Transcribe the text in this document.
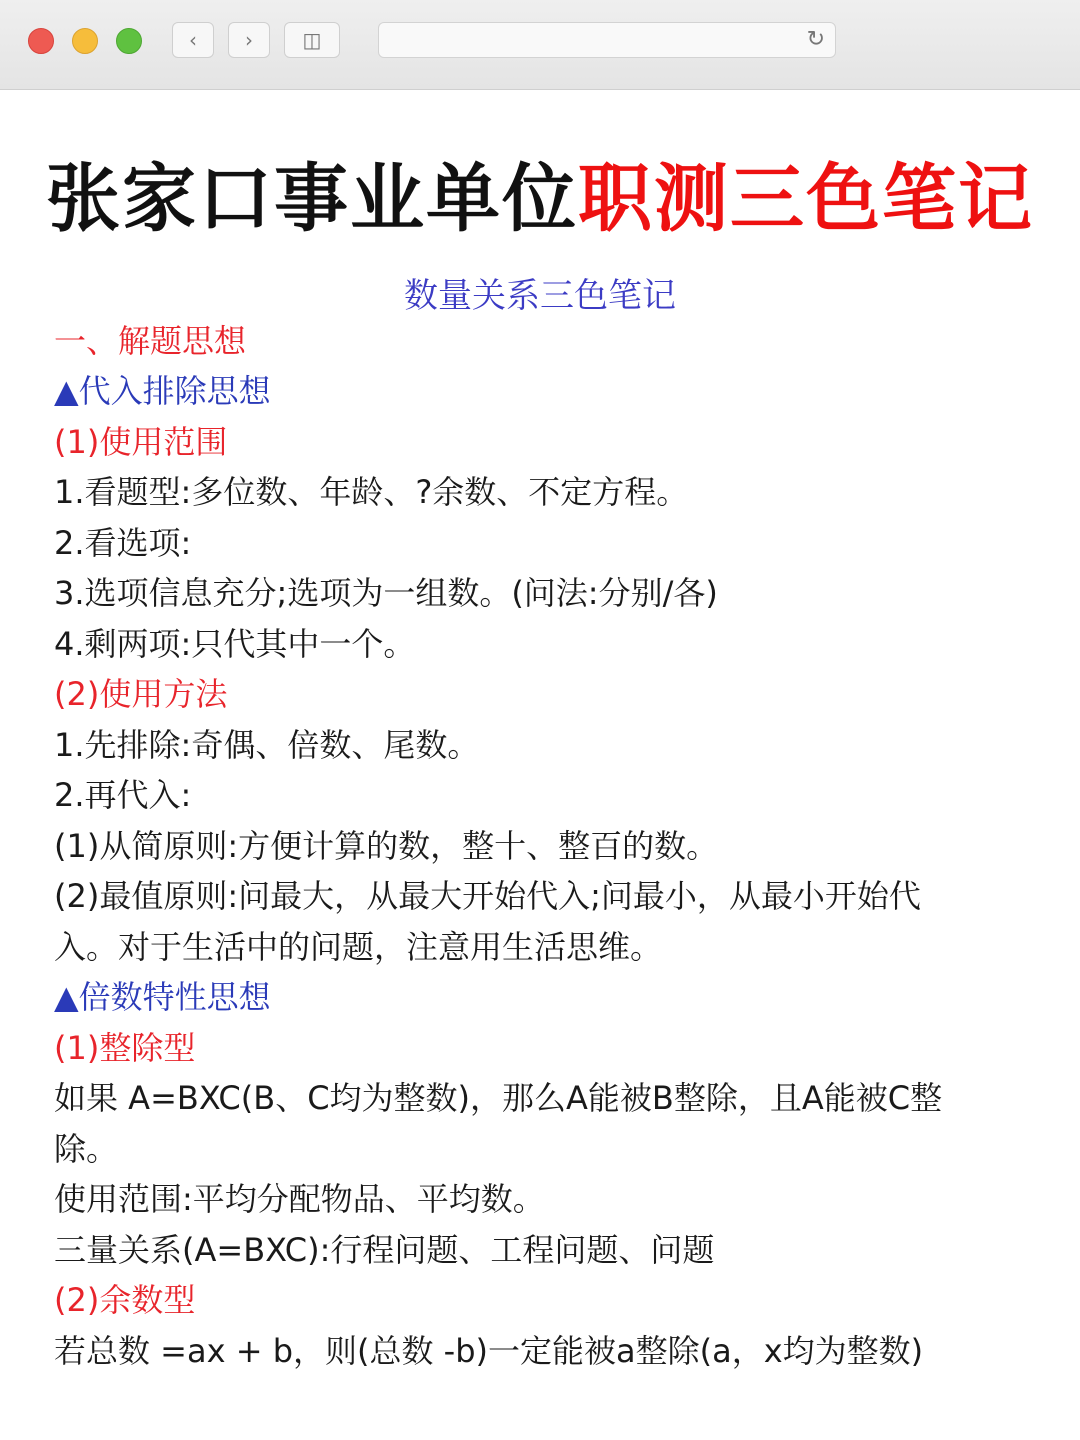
‹ › ◫	↻
张家口事业单位职测三色笔记
数量关系三色笔记
一、解题思想
▲代入排除思想
(1)使用范围
1.看题型:多位数、年龄、?余数、不定方程。
2.看选项:
3.选项信息充分;选项为一组数。(问法:分别/各)
4.剩两项:只代其中一个。
(2)使用方法
1.先排除:奇偶、倍数、尾数。
2.再代入:
(1)从简原则:方便计算的数，整十、整百的数。
(2)最值原则:问最大，从最大开始代入;问最小，从最小开始代
入。对于生活中的问题，注意用生活思维。
▲倍数特性思想
(1)整除型
如果 A=BXC(B、C均为整数)，那么A能被B整除，且A能被C整
除。
使用范围:平均分配物品、平均数。
三量关系(A=BXC):行程问题、工程问题、问题
(2)余数型
若总数 =ax + b，则(总数 -b)一定能被a整除(a，x均为整数)
